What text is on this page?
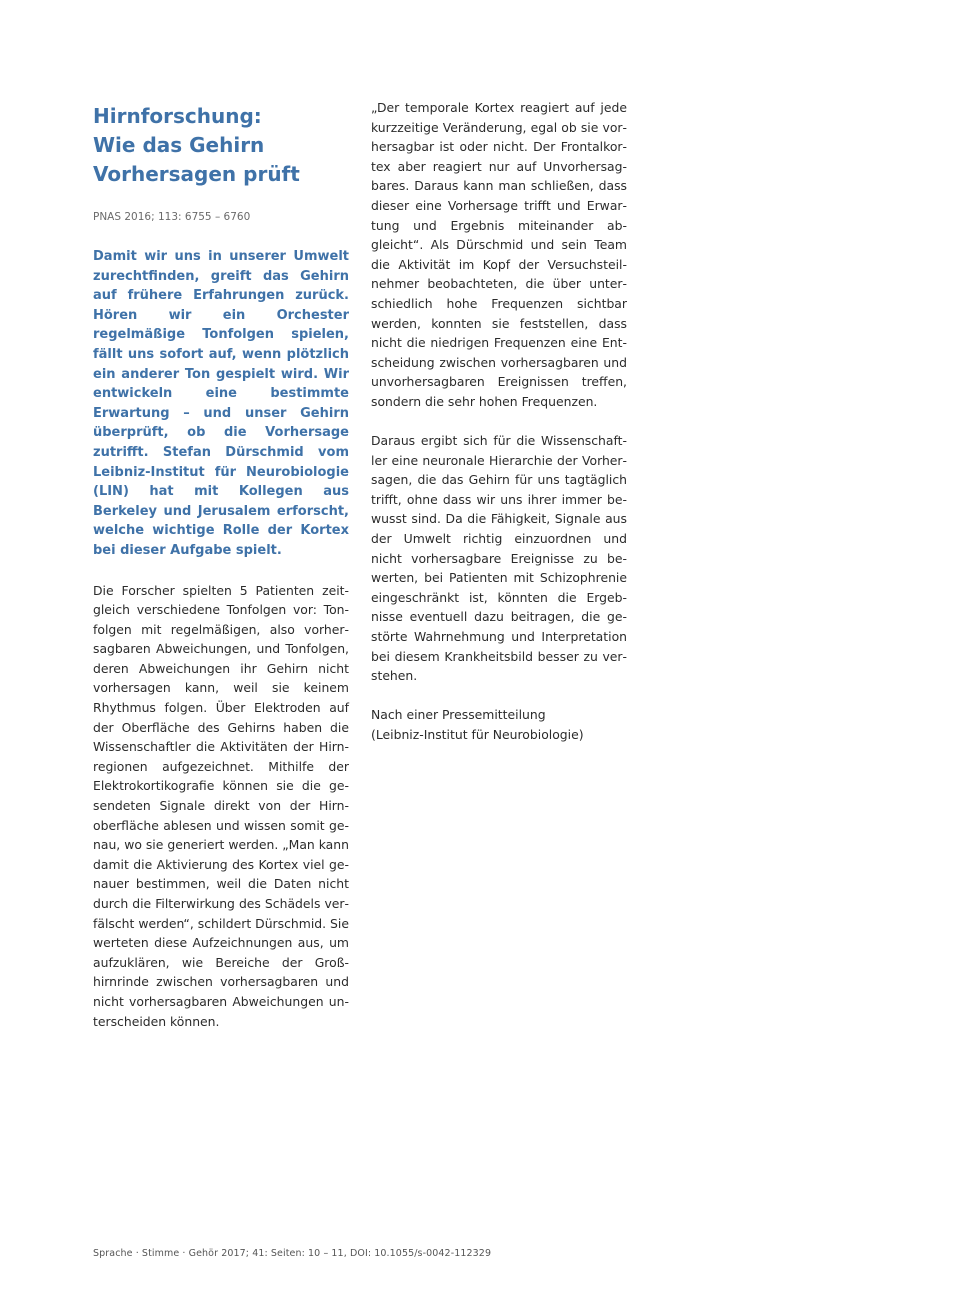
Hirnforschung:
Wie das Gehirn
Vorhersagen prüft
PNAS 2016; 113: 6755 – 6760

Damit wir uns in unserer Umwelt zurechtfinden, greift das Gehirn auf frühere Erfahrungen zurück. Hören wir ein Orchester regelmäßige Tonfolgen spielen, fällt uns sofort auf, wenn plötzlich ein anderer Ton gespielt wird. Wir entwickeln eine bestimmte Erwartung – und unser Gehirn überprüft, ob die Vorhersage zutrifft. Stefan Dürschmid vom Leibniz-Institut für Neurobiologie (LIN) hat mit Kollegen aus Berkeley und Jerusalem erforscht, welche wichtige Rolle der Kortex bei dieser Aufgabe spielt.

Die Forscher spielten 5 Patienten zeitgleich verschiedene Tonfolgen vor: Tonfolgen mit regelmäßigen, also vorhersagbaren Abweichungen, und Tonfolgen, deren Abweichungen ihr Gehirn nicht vorhersagen kann, weil sie keinem Rhythmus folgen. Über Elektroden auf der Oberfläche des Gehirns haben die Wissenschaftler die Aktivitäten der Hirnregionen aufgezeichnet. Mithilfe der Elektrokortikografie können sie die gesendeten Signale direkt von der Hirnoberfläche ablesen und wissen somit genau, wo sie generiert werden. „Man kann damit die Aktivierung des Kortex viel genauer bestimmen, weil die Daten nicht durch die Filterwirkung des Schädels verfälscht werden“, schildert Dürschmid. Sie werteten diese Aufzeichnungen aus, um aufzuklären, wie Bereiche der Großhirnrinde zwischen vorhersagbaren und nicht vorhersagbaren Abweichungen unterscheiden können.

„Der temporale Kortex reagiert auf jede kurzzeitige Veränderung, egal ob sie vorhersagbar ist oder nicht. Der Frontalkortex aber reagiert nur auf Unvorhersagbares. Daraus kann man schließen, dass dieser eine Vorhersage trifft und Erwartung und Ergebnis miteinander abgleicht“. Als Dürschmid und sein Team die Aktivität im Kopf der Versuchsteilnehmer beobachteten, die über unterschiedlich hohe Frequenzen sichtbar werden, konnten sie feststellen, dass nicht die niedrigen Frequenzen eine Entscheidung zwischen vorhersagbaren und unvorhersagbaren Ereignissen treffen, sondern die sehr hohen Frequenzen.

Daraus ergibt sich für die Wissenschaftler eine neuronale Hierarchie der Vorhersagen, die das Gehirn für uns tagtäglich trifft, ohne dass wir uns ihrer immer bewusst sind. Da die Fähigkeit, Signale aus der Umwelt richtig einzuordnen und nicht vorhersagbare Ereignisse zu bewerten, bei Patienten mit Schizophrenie eingeschränkt ist, könnten die Ergebnisse eventuell dazu beitragen, die gestörte Wahrnehmung und Interpretation bei diesem Krankheitsbild besser zu verstehen.

Nach einer Pressemitteilung
(Leibniz-Institut für Neurobiologie)
Sprache · Stimme · Gehör 2017; 41: Seiten: 10 – 11, DOI: 10.1055/s-0042-112329
